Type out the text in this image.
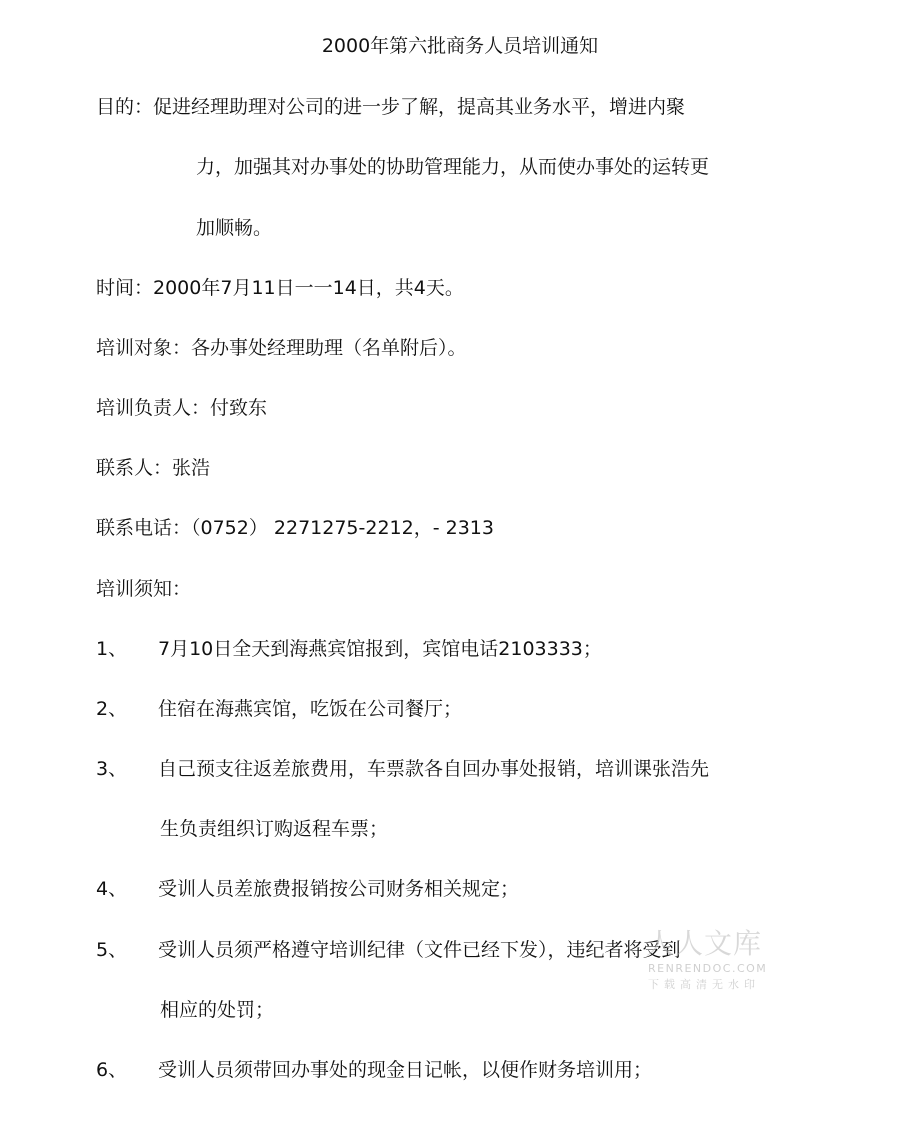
2000年第六批商务人员培训通知
目的：促进经理助理对公司的进一步了解，提高其业务水平，增进内聚
力，加强其对办事处的协助管理能力，从而使办事处的运转更
加顺畅。
时间：2000年7月11日一一14日，共4天。
培训对象：各办事处经理助理（名单附后）。
培训负责人：付致东
联系人：张浩
联系电话：（0752） 2271275-2212，- 2313
培训须知：
1、 7月10日全天到海燕宾馆报到，宾馆电话2103333；
2、 住宿在海燕宾馆，吃饭在公司餐厅；
3、 自己预支往返差旅费用，车票款各自回办事处报销，培训课张浩先
生负责组织订购返程车票；
4、 受训人员差旅费报销按公司财务相关规定；
5、 受训人员须严格遵守培训纪律（文件已经下发），违纪者将受到
相应的处罚；
6、 受训人员须带回办事处的现金日记帐，以便作财务培训用；
人人文库
RENRENDOC.COM
下载高清无水印
